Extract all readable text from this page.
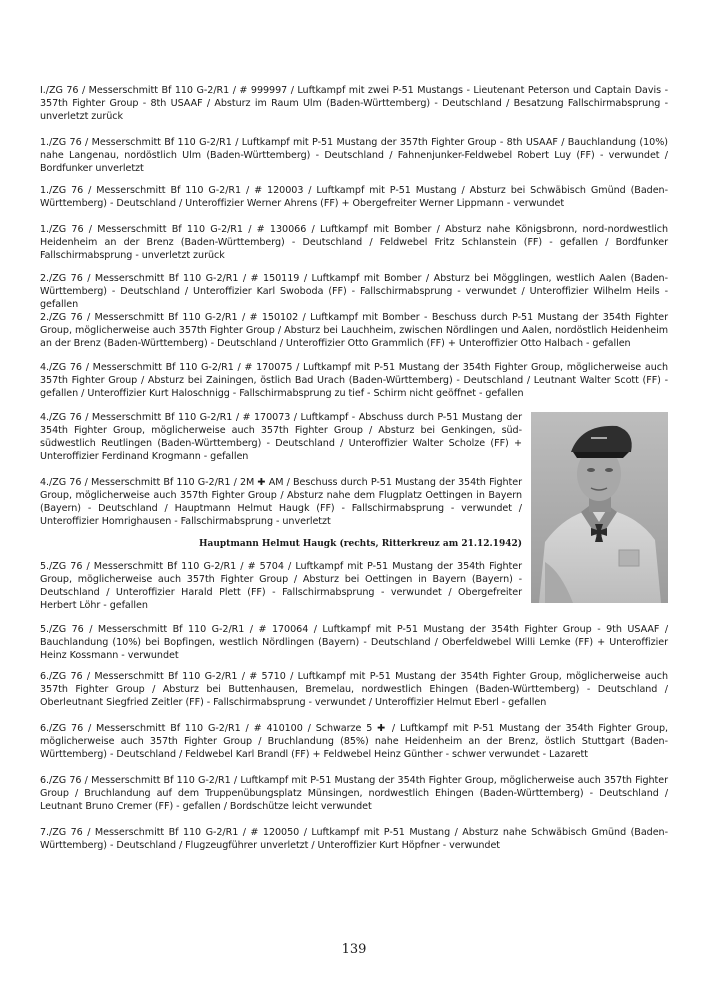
I./ZG 76 / Messerschmitt Bf 110 G-2/R1 / # 999997 / Luftkampf mit zwei P-51 Mustangs - Lieutenant Peterson und Captain Davis - 357th Fighter Group - 8th USAAF / Absturz im Raum Ulm (Baden-Württemberg) - Deutschland / Besatzung Fallschirmabsprung - unverletzt zurück

1./ZG 76 / Messerschmitt Bf 110 G-2/R1 / Luftkampf mit P-51 Mustang der 357th Fighter Group - 8th USAAF / Bauchlandung (10%) nahe Langenau, nordöstlich Ulm (Baden-Württemberg) - Deutschland / Fahnenjunker-Feldwebel Robert Luy (FF) - verwundet / Bordfunker unverletzt

1./ZG 76 / Messerschmitt Bf 110 G-2/R1 / # 120003 / Luftkampf mit P-51 Mustang / Absturz bei Schwäbisch Gmünd (Baden-Württemberg) - Deutschland / Unteroffizier Werner Ahrens (FF) + Obergefreiter Werner Lippmann - verwundet

1./ZG 76 / Messerschmitt Bf 110 G-2/R1 / # 130066 / Luftkampf mit Bomber / Absturz nahe Königsbronn, nord-nordwestlich Heidenheim an der Brenz (Baden-Württemberg) - Deutschland / Feldwebel Fritz Schlanstein (FF) - gefallen / Bordfunker Fallschirmabsprung - unverletzt zurück

2./ZG 76 / Messerschmitt Bf 110 G-2/R1 / # 150119 / Luftkampf mit Bomber / Absturz bei Mögglingen, westlich Aalen (Baden-Württemberg) - Deutschland / Unteroffizier Karl Swoboda (FF) - Fallschirmabsprung - verwundet / Unteroffizier Wilhelm Heils - gefallen

2./ZG 76 / Messerschmitt Bf 110 G-2/R1 / # 150102 / Luftkampf mit Bomber - Beschuss durch P-51 Mustang der 354th Fighter Group, möglicherweise auch 357th Fighter Group / Absturz bei Lauchheim, zwischen Nördlingen und Aalen, nordöstlich Heidenheim an der Brenz (Baden-Württemberg) - Deutschland / Unteroffizier Otto Grammlich (FF) + Unteroffizier Otto Halbach - gefallen

4./ZG 76 / Messerschmitt Bf 110 G-2/R1 / # 170075 / Luftkampf mit P-51 Mustang der 354th Fighter Group, möglicherweise auch 357th Fighter Group / Absturz bei Zainingen, östlich Bad Urach (Baden-Württemberg) - Deutschland / Leutnant Walter Scott (FF) - gefallen / Unteroffizier Kurt Haloschnigg - Fallschirmabsprung zu tief - Schirm nicht geöffnet - gefallen

4./ZG 76 / Messerschmitt Bf 110 G-2/R1 / # 170073 / Luftkampf - Abschuss durch P-51 Mustang der 354th Fighter Group, möglicherweise auch 357th Fighter Group / Absturz bei Genkingen, süd-südwestlich Reutlingen (Baden-Württemberg) - Deutschland / Unteroffizier Walter Scholze (FF) + Unteroffizier Ferdinand Krogmann - gefallen

4./ZG 76 / Messerschmitt Bf 110 G-2/R1 / 2M ✚ AM / Beschuss durch P-51 Mustang der 354th Fighter Group, möglicherweise auch 357th Fighter Group / Absturz nahe dem Flugplatz Oettingen in Bayern (Bayern) - Deutschland / Hauptmann Helmut Haugk (FF) - Fallschirmabsprung - verwundet / Unteroffizier Homrighausen - Fallschirmabsprung - unverletzt

Hauptmann Helmut Haugk (rechts, Ritterkreuz am 21.12.1942)

5./ZG 76 / Messerschmitt Bf 110 G-2/R1 / # 5704 / Luftkampf mit P-51 Mustang der 354th Fighter Group, möglicherweise auch 357th Fighter Group / Absturz bei Oettingen in Bayern (Bayern) - Deutschland / Unteroffizier Harald Plett (FF) - Fallschirmabsprung - verwundet / Obergefreiter Herbert Löhr - gefallen

5./ZG 76 / Messerschmitt Bf 110 G-2/R1 / # 170064 / Luftkampf mit P-51 Mustang der 354th Fighter Group - 9th USAAF / Bauchlandung (10%) bei Bopfingen, westlich Nördlingen (Bayern) - Deutschland / Oberfeldwebel Willi Lemke (FF) + Unteroffizier Heinz Kossmann - verwundet

6./ZG 76 / Messerschmitt Bf 110 G-2/R1 / # 5710 / Luftkampf mit P-51 Mustang der 354th Fighter Group, möglicherweise auch 357th Fighter Group / Absturz bei Buttenhausen, Bremelau, nordwestlich Ehingen (Baden-Württemberg) - Deutschland / Oberleutnant Siegfried Zeitler (FF) - Fallschirmabsprung - verwundet / Unteroffizier Helmut Eberl - gefallen

6./ZG 76 / Messerschmitt Bf 110 G-2/R1 / # 410100 / Schwarze 5 ✚ / Luftkampf mit P-51 Mustang der 354th Fighter Group, möglicherweise auch 357th Fighter Group / Bruchlandung (85%) nahe Heidenheim an der Brenz, östlich Stuttgart (Baden-Württemberg) - Deutschland / Feldwebel Karl Brandl (FF) + Feldwebel Heinz Günther - schwer verwundet - Lazarett

6./ZG 76 / Messerschmitt Bf 110 G-2/R1 / Luftkampf mit P-51 Mustang der 354th Fighter Group, möglicherweise auch 357th Fighter Group / Bruchlandung auf dem Truppenübungsplatz Münsingen, nordwestlich Ehingen (Baden-Württemberg) - Deutschland / Leutnant Bruno Cremer (FF) - gefallen / Bordschütze leicht verwundet

7./ZG 76 / Messerschmitt Bf 110 G-2/R1 / # 120050 / Luftkampf mit P-51 Mustang / Absturz nahe Schwäbisch Gmünd (Baden-Württemberg) - Deutschland / Flugzeugführer unverletzt / Unteroffizier Kurt Höpfner - verwundet

139
